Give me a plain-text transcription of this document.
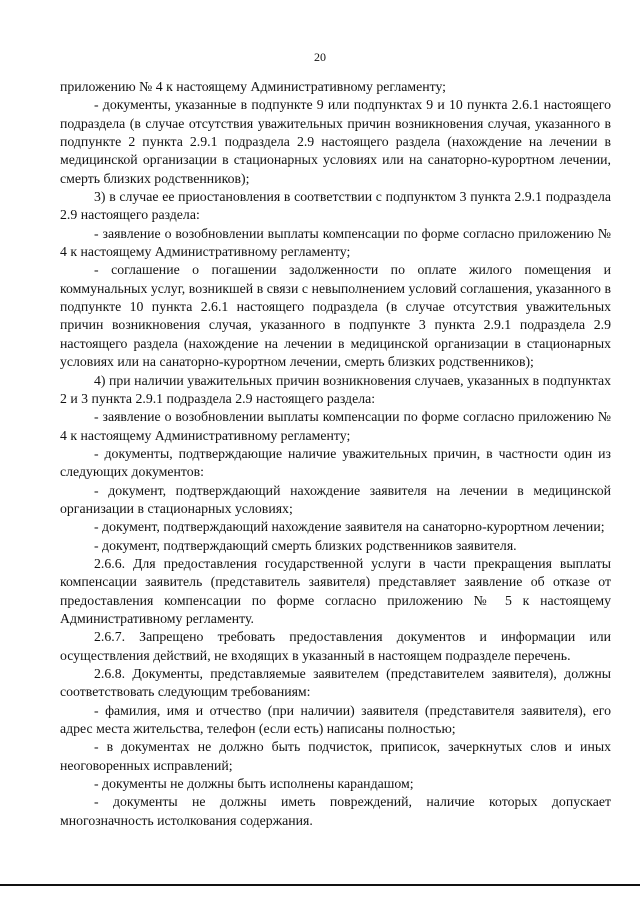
20

приложению № 4 к настоящему Административному регламенту;

- документы, указанные в подпункте 9 или подпунктах 9 и 10 пункта 2.6.1 настоящего подраздела (в случае отсутствия уважительных причин возникновения случая, указанного в подпункте 2 пункта 2.9.1 подраздела 2.9 настоящего раздела (нахождение на лечении в медицинской организации в стационарных условиях или на санаторно-курортном лечении, смерть близких родственников);

3) в случае ее приостановления в соответствии с подпунктом 3 пункта 2.9.1 подраздела 2.9 настоящего раздела:

- заявление о возобновлении выплаты компенсации по форме согласно приложению № 4 к настоящему Административному регламенту;

- соглашение о погашении задолженности по оплате жилого помещения и коммунальных услуг, возникшей в связи с невыполнением условий соглашения, указанного в подпункте 10 пункта 2.6.1 настоящего подраздела (в случае отсутствия уважительных причин возникновения случая, указанного в подпункте 3 пункта 2.9.1 подраздела 2.9 настоящего раздела (нахождение на лечении в медицинской организации в стационарных условиях или на санаторно-курортном лечении, смерть близких родственников);

4) при наличии уважительных причин возникновения случаев, указанных в подпунктах 2 и 3 пункта 2.9.1 подраздела 2.9 настоящего раздела:

- заявление о возобновлении выплаты компенсации по форме согласно приложению № 4 к настоящему Административному регламенту;

- документы, подтверждающие наличие уважительных причин, в частности один из следующих документов:

- документ, подтверждающий нахождение заявителя на лечении в медицинской организации в стационарных условиях;

- документ, подтверждающий нахождение заявителя на санаторно-курортном лечении;

- документ, подтверждающий смерть близких родственников заявителя.

2.6.6. Для предоставления государственной услуги в части прекращения выплаты компенсации заявитель (представитель заявителя) представляет заявление об отказе от предоставления компенсации по форме согласно приложению № 5 к настоящему Административному регламенту.

2.6.7. Запрещено требовать предоставления документов и информации или осуществления действий, не входящих в указанный в настоящем подразделе перечень.

2.6.8. Документы, представляемые заявителем (представителем заявителя), должны соответствовать следующим требованиям:

- фамилия, имя и отчество (при наличии) заявителя (представителя заявителя), его адрес места жительства, телефон (если есть) написаны полностью;

- в документах не должно быть подчисток, приписок, зачеркнутых слов и иных неоговоренных исправлений;

- документы не должны быть исполнены карандашом;

- документы не должны иметь повреждений, наличие которых допускает многозначность истолкования содержания.
